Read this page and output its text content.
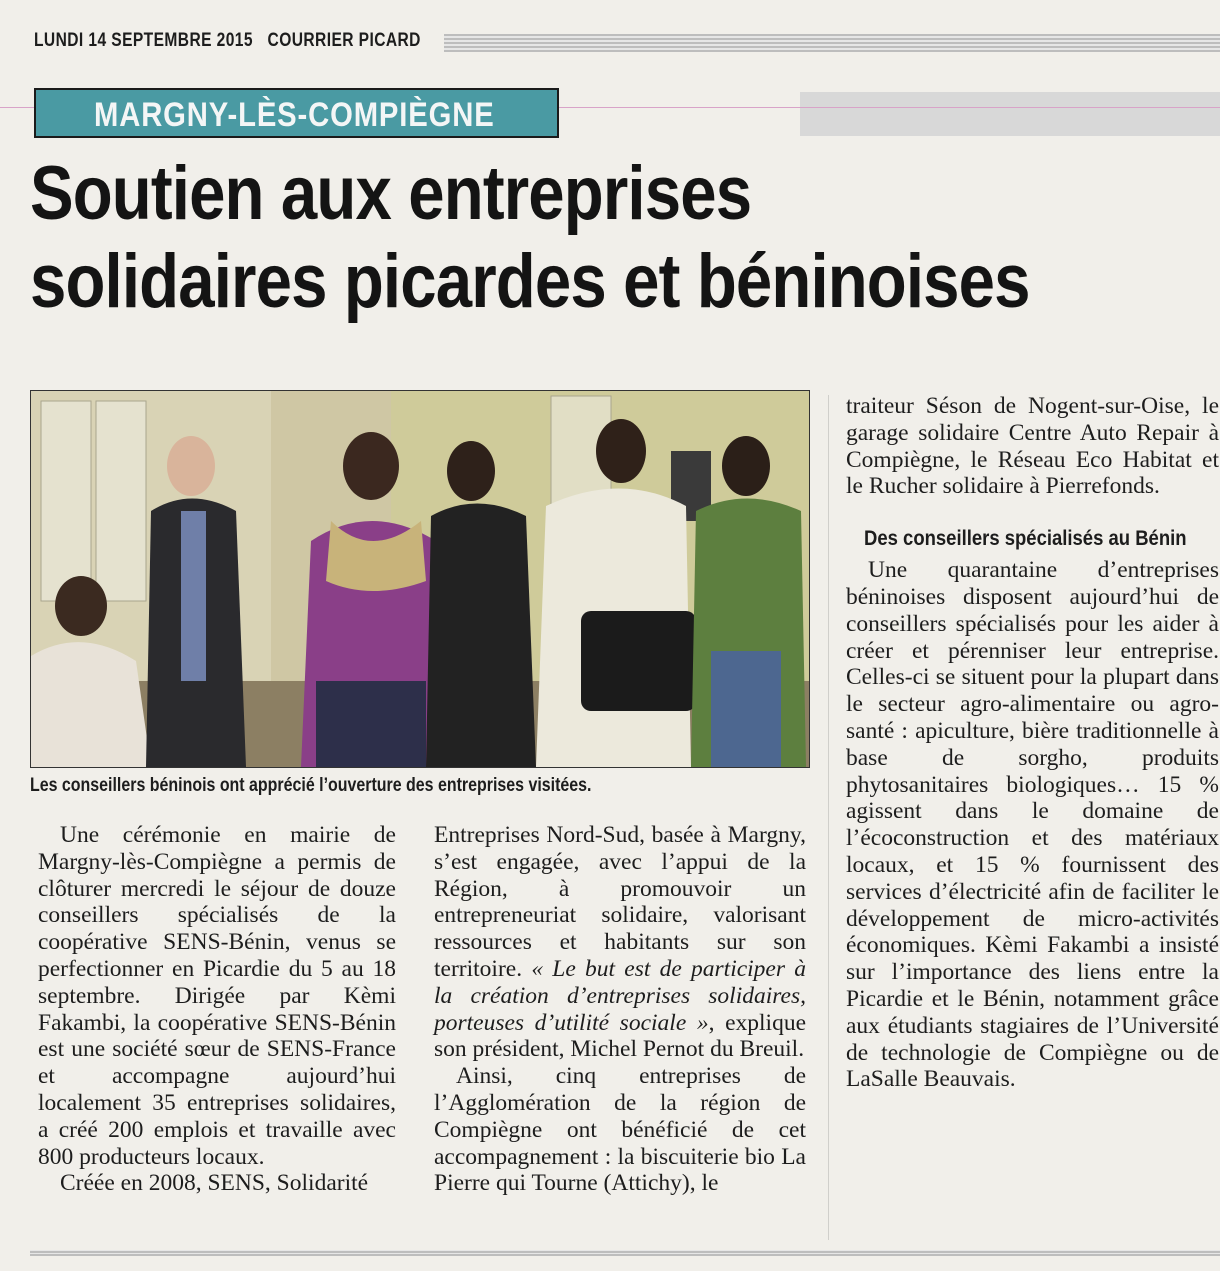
LUNDI 14 SEPTEMBRE 2015 COURRIER PICARD
MARGNY-LÈS-COMPIÈGNE
Soutien aux entreprises
solidaires picardes et béninoises
Les conseillers béninois ont apprécié l’ouverture des entreprises visitées.

Une cérémonie en mairie de Margny-lès-Compiègne a permis de clôturer mercredi le séjour de douze conseillers spécialisés de la coopérative SENS-Bénin, venus se perfectionner en Picardie du 5 au 18 septembre. Dirigée par Kèmi Fakambi, la coopérative SENS-Bénin est une société sœur de SENS-France et accompagne aujourd’hui localement 35 entreprises solidaires, a créé 200 emplois et travaille avec 800 producteurs locaux.

Créée en 2008, SENS, Solidarité

Entreprises Nord-Sud, basée à Margny, s’est engagée, avec l’appui de la Région, à promouvoir un entrepreneuriat solidaire, valorisant ressources et habitants sur son territoire. « Le but est de participer à la création d’entreprises solidaires, porteuses d’utilité sociale », explique son président, Michel Pernot du Breuil.

Ainsi, cinq entreprises de l’Agglomération de la région de Compiègne ont bénéficié de cet accompagnement : la biscuiterie bio La Pierre qui Tourne (Attichy), le

traiteur Séson de Nogent-sur-Oise, le garage solidaire Centre Auto Repair à Compiègne, le Réseau Eco Habitat et le Rucher solidaire à Pierrefonds.

Des conseillers spécialisés au Bénin

Une quarantaine d’entreprises béninoises disposent aujourd’hui de conseillers spécialisés pour les aider à créer et pérenniser leur entreprise. Celles-ci se situent pour la plupart dans le secteur agro-alimentaire ou agro-santé : apiculture, bière traditionnelle à base de sorgho, produits phytosanitaires biologiques… 15 % agissent dans le domaine de l’écoconstruction et des matériaux locaux, et 15 % fournissent des services d’électricité afin de faciliter le développement de micro-activités économiques. Kèmi Fakambi a insisté sur l’importance des liens entre la Picardie et le Bénin, notamment grâce aux étudiants stagiaires de l’Université de technologie de Compiègne ou de LaSalle Beauvais.
